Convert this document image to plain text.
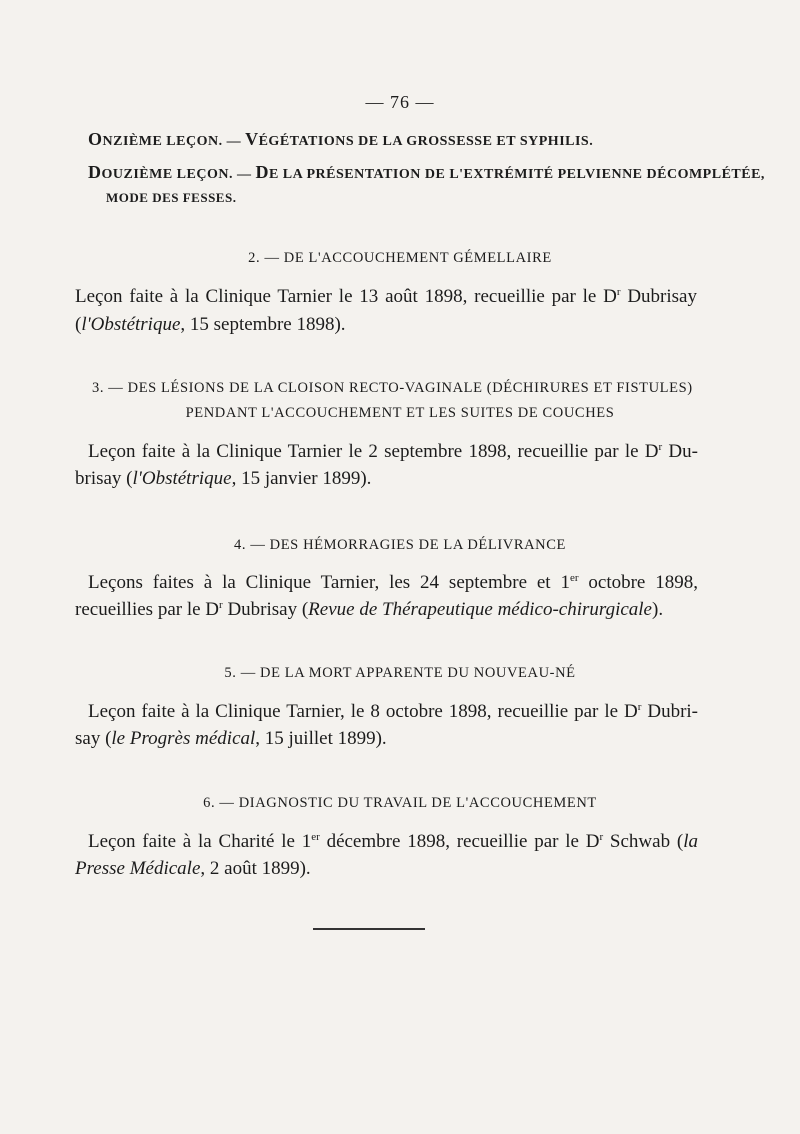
— 76 —
ONZIÈME LEÇON. — VÉGÉTATIONS DE LA GROSSESSE ET SYPHILIS.
DOUZIÈME LEÇON. — DE LA PRÉSENTATION DE L'EXTRÉMITÉ PELVIENNE DÉCOMPLÉTÉE,
MODE DES FESSES.
2. — DE L'ACCOUCHEMENT GÉMELLAIRE
Leçon faite à la Clinique Tarnier le 13 août 1898, recueillie par le $D^r$ Dubrisay
(l'Obstétrique, 15 septembre 1898).
3. — DES LÉSIONS DE LA CLOISON RECTO-VAGINALE (DÉCHIRURES ET FISTULES)
PENDANT L'ACCOUCHEMENT ET LES SUITES DE COUCHES
Leçon faite à la Clinique Tarnier le 2 septembre 1898, recueillie par le $D^r$ Du-
brisay (l'Obstétrique, 15 janvier 1899).
4. — DES HÉMORRAGIES DE LA DÉLIVRANCE
Leçons faites à la Clinique Tarnier, les 24 septembre et 1er octobre 1898,
recueillies par le $D^r$ Dubrisay (Revue de Thérapeutique médico-chirurgicale).
5. — DE LA MORT APPARENTE DU NOUVEAU-NÉ
Leçon faite à la Clinique Tarnier, le 8 octobre 1898, recueillie par le $D^r$ Dubri-
say (le Progrès médical, 15 juillet 1899).
6. — DIAGNOSTIC DU TRAVAIL DE L'ACCOUCHEMENT
Leçon faite à la Charité le 1er décembre 1898, recueillie par le $D^r$ Schwab (la
Presse Médicale, 2 août 1899).
